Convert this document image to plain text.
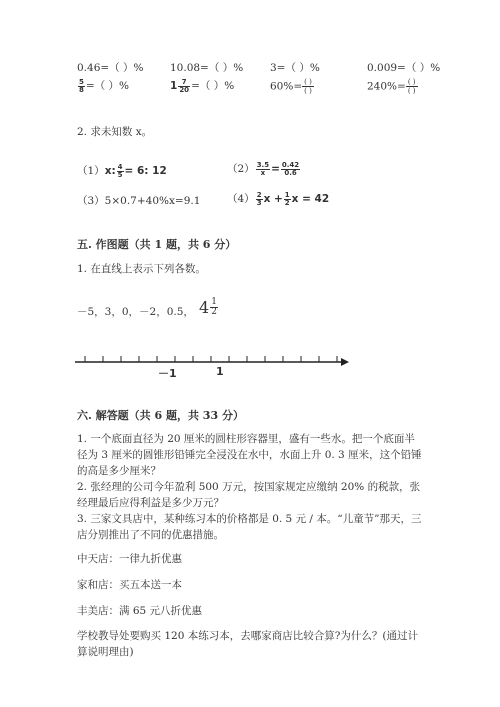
0.46=（ ）%	10.08=（ ）%	3=（ ）%	0.009=（ ）%
$\frac{5}{8}$ =（ ）%	$1 \frac{7}{20}$ =（ ）%	$60\%= \frac{( )}{( )}$	$240\%= \frac{( )}{( )}$
2. 求未知数 x。
（1）x: $\frac{4}{5} = 6$: 12	$(2) \frac{3.5}{x} = \frac{0.42}{0.6}$
（3）5×0.7+40%x=9.1	$(4) \frac{2}{3}$ $x + \frac{1}{2}$ x = 42
五. 作图题（共 1 题，共 6 分）
1. 在直线上表示下列各数。
－5，3，0，－2，0.5， $4 \frac{1}{2}$
－1	1
六. 解答题（共 6 题，共 33 分）
1. 一个底面直径为 20 厘米的圆柱形容器里，盛有一些水。把一个底面半径为 3 厘米的圆锥形铅锤完全浸没在水中，水面上升 0. 3 厘米，这个铅锤的高是多少厘米？
2. 张经理的公司今年盈利 500 万元，按国家规定应缴纳 20% 的税款，张经理最后应得利益是多少万元？
3. 三家文具店中，某种练习本的价格都是 0. 5 元 / 本。“儿童节”那天，三店分别推出了不同的优惠措施。
中天店：一律九折优惠
家和店：买五本送一本
丰美店：满 65 元八折优惠
学校教导处要购买 120 本练习本，去哪家商店比较合算?为什么？(通过计算说明理由)
